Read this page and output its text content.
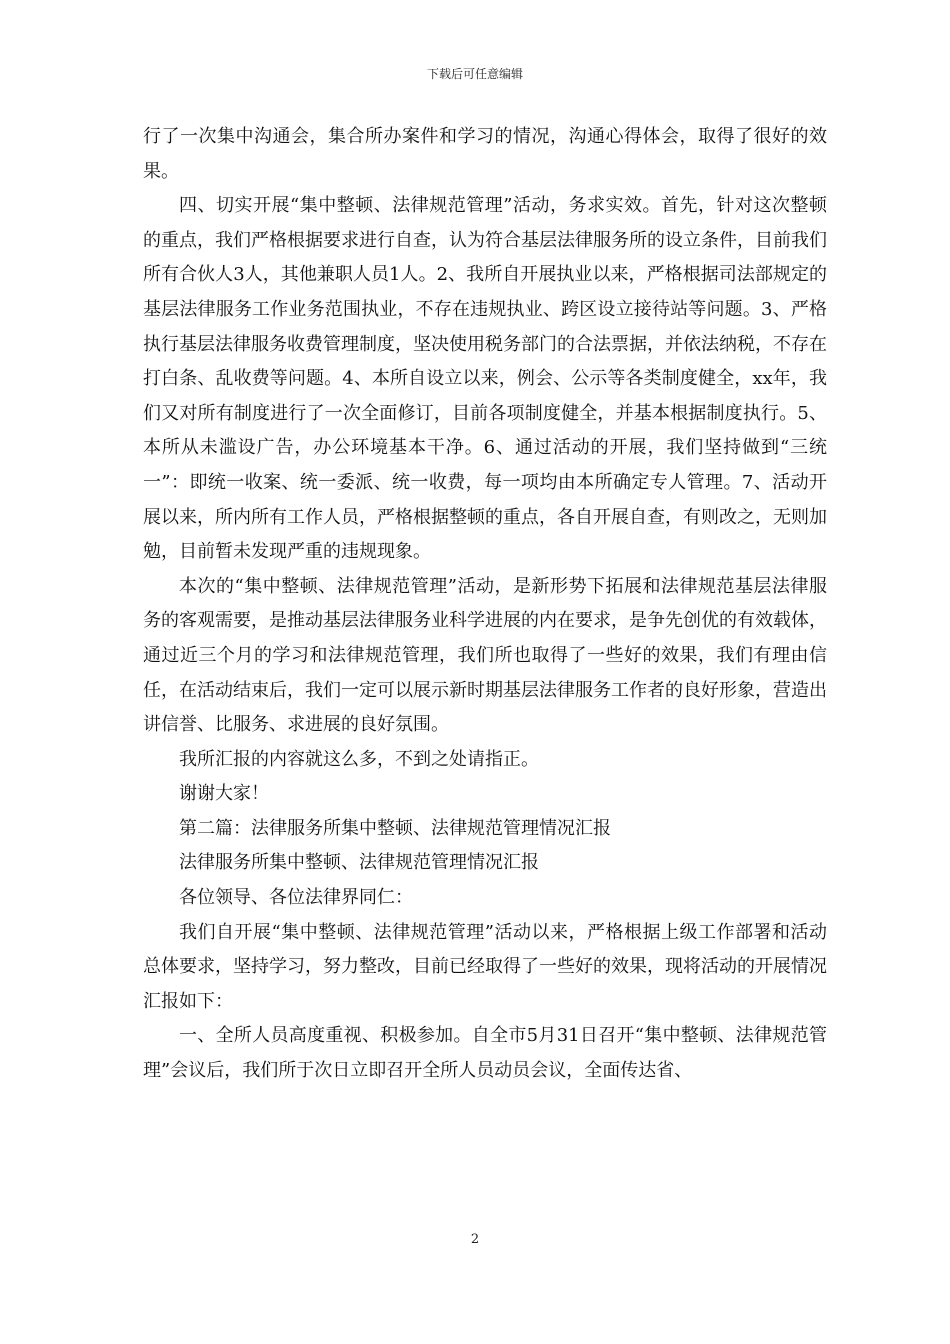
下载后可任意编辑

行了一次集中沟通会，集合所办案件和学习的情况，沟通心得体会，取得了很好的效果。

四、切实开展“集中整顿、法律规范管理”活动，务求实效。首先，针对这次整顿的重点，我们严格根据要求进行自查，认为符合基层法律服务所的设立条件，目前我们所有合伙人3人，其他兼职人员1人。2、我所自开展执业以来，严格根据司法部规定的基层法律服务工作业务范围执业，不存在违规执业、跨区设立接待站等问题。3、严格执行基层法律服务收费管理制度，坚决使用税务部门的合法票据，并依法纳税，不存在打白条、乱收费等问题。4、本所自设立以来，例会、公示等各类制度健全，xx年，我们又对所有制度进行了一次全面修订，目前各项制度健全，并基本根据制度执行。5、本所从未滥设广告，办公环境基本干净。6、通过活动的开展，我们坚持做到“三统一”：即统一收案、统一委派、统一收费，每一项均由本所确定专人管理。7、活动开展以来，所内所有工作人员，严格根据整顿的重点，各自开展自查，有则改之，无则加勉，目前暂未发现严重的违规现象。

本次的“集中整顿、法律规范管理”活动，是新形势下拓展和法律规范基层法律服务的客观需要，是推动基层法律服务业科学进展的内在要求，是争先创优的有效载体，通过近三个月的学习和法律规范管理，我们所也取得了一些好的效果，我们有理由信任，在活动结束后，我们一定可以展示新时期基层法律服务工作者的良好形象，营造出讲信誉、比服务、求进展的良好氛围。

我所汇报的内容就这么多，不到之处请指正。

谢谢大家！

第二篇：法律服务所集中整顿、法律规范管理情况汇报

法律服务所集中整顿、法律规范管理情况汇报

各位领导、各位法律界同仁：

我们自开展“集中整顿、法律规范管理”活动以来，严格根据上级工作部署和活动总体要求，坚持学习，努力整改，目前已经取得了一些好的效果，现将活动的开展情况汇报如下：

一、全所人员高度重视、积极参加。自全市5月31日召开“集中整顿、法律规范管理”会议后，我们所于次日立即召开全所人员动员会议，全面传达省、

2
